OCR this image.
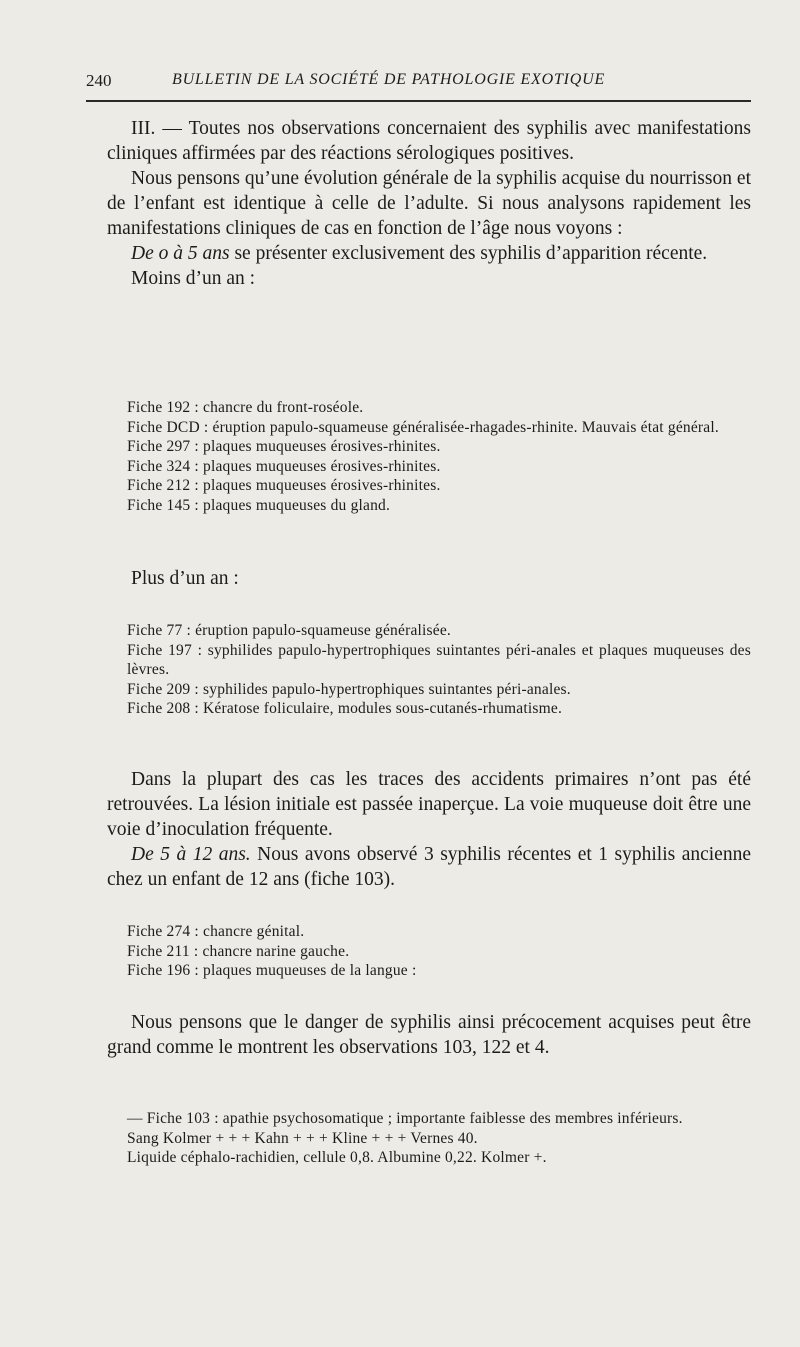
240	BULLETIN DE LA SOCIÉTÉ DE PATHOLOGIE EXOTIQUE

III. — Toutes nos observations concernaient des syphilis avec manifestations cliniques affirmées par des réactions sérologiques positives.

Nous pensons qu’une évolution générale de la syphilis acquise du nourrisson et de l’enfant est identique à celle de l’adulte. Si nous analysons rapidement les manifestations cliniques de cas en fonction de l’âge nous voyons :

De o à 5 ans se présenter exclusivement des syphilis d’apparition récente.

Moins d’un an :

Fiche 192 : chancre du front-roséole.

Fiche DCD : éruption papulo-squameuse généralisée-rhagades-rhinite. Mauvais état général.

Fiche 297 : plaques muqueuses érosives-rhinites.

Fiche 324 : plaques muqueuses érosives-rhinites.

Fiche 212 : plaques muqueuses érosives-rhinites.

Fiche 145 : plaques muqueuses du gland.

Plus d’un an :

Fiche 77 : éruption papulo-squameuse généralisée.

Fiche 197 : syphilides papulo-hypertrophiques suintantes péri-anales et plaques muqueuses des lèvres.

Fiche 209 : syphilides papulo-hypertrophiques suintantes péri-anales.

Fiche 208 : Kératose foliculaire, modules sous-cutanés-rhumatisme.

Dans la plupart des cas les traces des accidents primaires n’ont pas été retrouvées. La lésion initiale est passée inaperçue. La voie muqueuse doit être une voie d’inoculation fréquente.

De 5 à 12 ans. Nous avons observé 3 syphilis récentes et 1 syphilis ancienne chez un enfant de 12 ans (fiche 103).

Fiche 274 : chancre génital.

Fiche 211 : chancre narine gauche.

Fiche 196 : plaques muqueuses de la langue :

Nous pensons que le danger de syphilis ainsi précocement acquises peut être grand comme le montrent les observations 103, 122 et 4.

— Fiche 103 : apathie psychosomatique ; importante faiblesse des membres inférieurs.

Sang Kolmer + + + Kahn + + + Kline + + + Vernes 40.

Liquide céphalo-rachidien, cellule 0,8. Albumine 0,22. Kolmer +.
